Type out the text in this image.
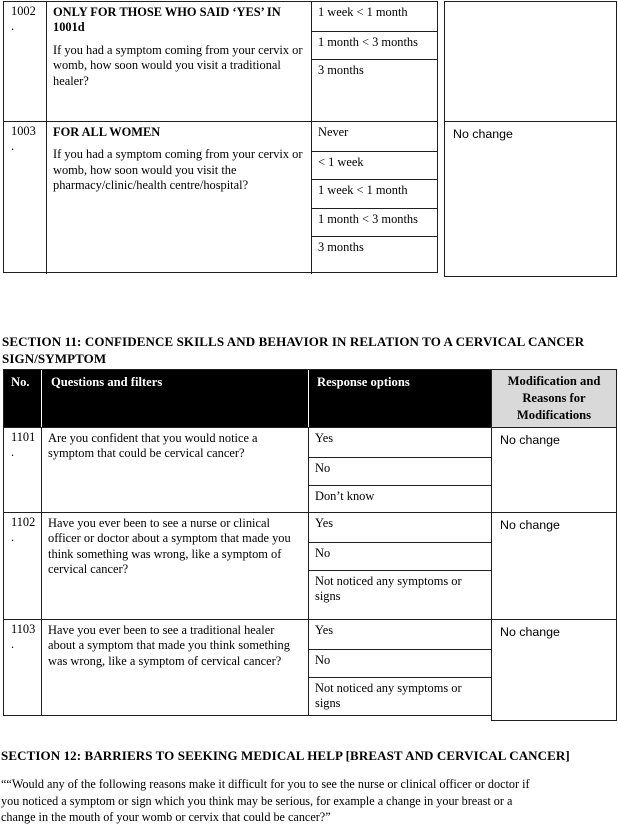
1002
.
ONLY FOR THOSE WHO SAID ‘YES’ IN 1001d
If you had a symptom coming from your cervix or womb, how soon would you visit a traditional healer?
1 week < 1 month
1 month < 3 months
3 months
1003
.
FOR ALL WOMEN
If you had a symptom coming from your cervix or womb, how soon would you visit the pharmacy/clinic/health centre/hospital?
Never
< 1 week
1 week < 1 month
1 month < 3 months
3 months
No change
SECTION 11: CONFIDENCE SKILLS AND BEHAVIOR IN RELATION TO A CERVICAL CANCER
SIGN/SYMPTOM
No.	Questions and filters	Response options
1101
.
Are you confident that you would notice a symptom that could be cervical cancer?
Yes
No
Don’t know
1102
.
Have you ever been to see a nurse or clinical officer or doctor about a symptom that made you think something was wrong, like a symptom of cervical cancer?
Yes
No
Not noticed any symptoms or signs
1103
.
Have you ever been to see a traditional healer about a symptom that made you think something was wrong, like a symptom of cervical cancer?
Yes
No
Not noticed any symptoms or signs
Modification and Reasons for Modifications
No change
No change
No change
SECTION 12: BARRIERS TO SEEKING MEDICAL HELP [BREAST AND CERVICAL CANCER]
““Would any of the following reasons make it difficult for you to see the nurse or clinical officer or doctor if
you noticed a symptom or sign which you think may be serious, for example a change in your breast or a
change in the mouth of your womb or cervix that could be cancer?”
